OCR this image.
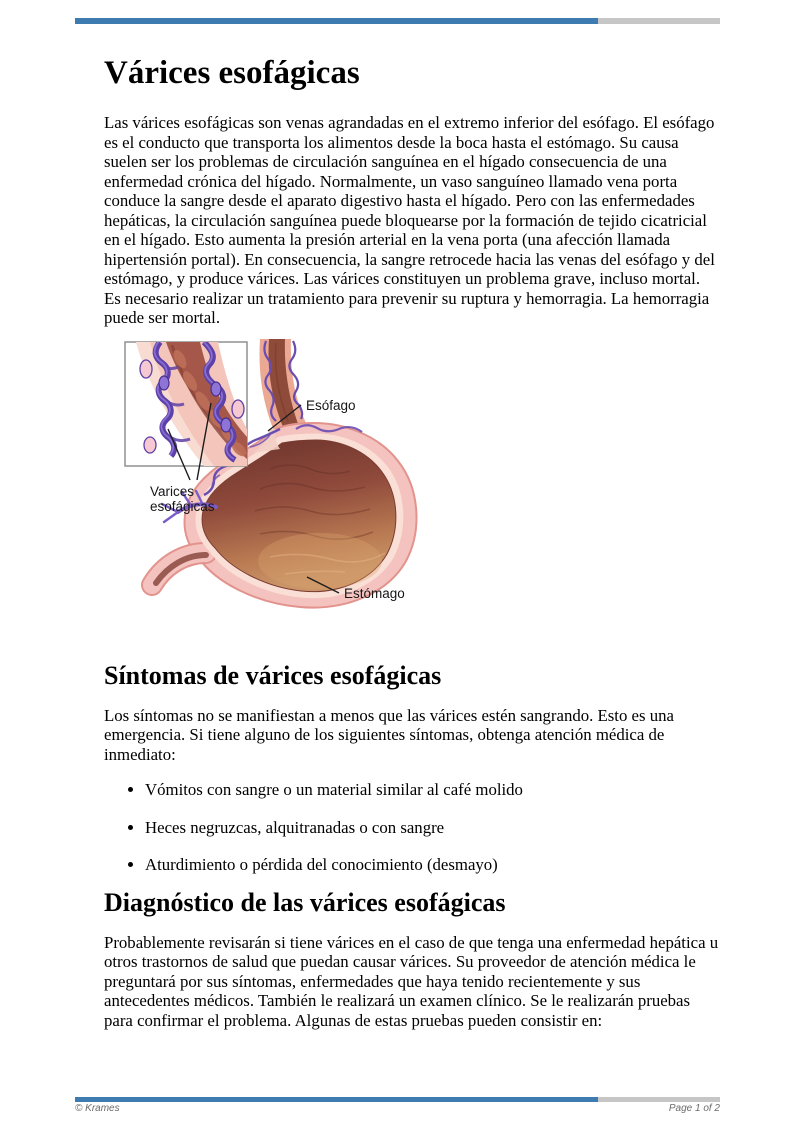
Várices esofágicas

Las várices esofágicas son venas agrandadas en el extremo inferior del esófago. El esófago es el conducto que transporta los alimentos desde la boca hasta el estómago. Su causa suelen ser los problemas de circulación sanguínea en el hígado consecuencia de una enfermedad crónica del hígado. Normalmente, un vaso sanguíneo llamado vena porta conduce la sangre desde el aparato digestivo hasta el hígado. Pero con las enfermedades hepáticas, la circulación sanguínea puede bloquearse por la formación de tejido cicatricial en el hígado. Esto aumenta la presión arterial en la vena porta (una afección llamada hipertensión portal). En consecuencia, la sangre retrocede hacia las venas del esófago y del estómago, y produce várices. Las várices constituyen un problema grave, incluso mortal. Es necesario realizar un tratamiento para prevenir su ruptura y hemorragia. La hemorragia puede ser mortal.

Esófago
Varices
esofágicas
Estómago
Síntomas de várices esofágicas

Los síntomas no se manifiestan a menos que las várices estén sangrando. Esto es una emergencia. Si tiene alguno de los siguientes síntomas, obtenga atención médica de inmediato:

• Vómitos con sangre o un material similar al café molido
• Heces negruzcas, alquitranadas o con sangre
• Aturdimiento o pérdida del conocimiento (desmayo)
Diagnóstico de las várices esofágicas

Probablemente revisarán si tiene várices en el caso de que tenga una enfermedad hepática u otros trastornos de salud que puedan causar várices. Su proveedor de atención médica le preguntará por sus síntomas, enfermedades que haya tenido recientemente y sus antecedentes médicos. También le realizará un examen clínico. Se le realizarán pruebas para confirmar el problema. Algunas de estas pruebas pueden consistir en:

© Krames	Page 1 of 2
